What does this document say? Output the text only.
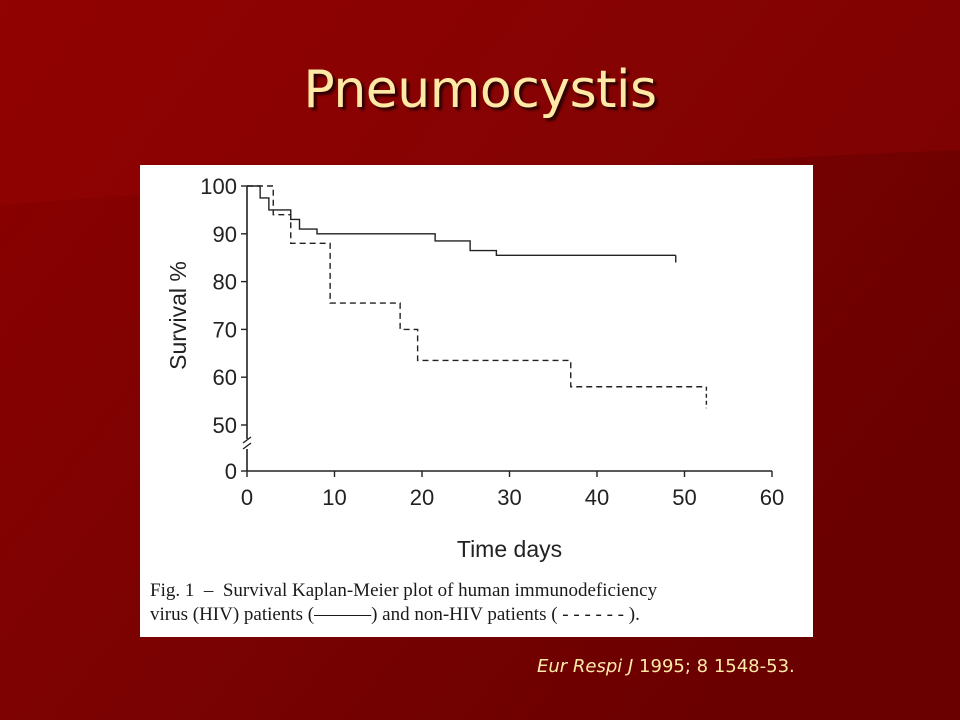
Pneumocystis
0
50
60
70
80
90
100
0	10	20	30	40	50	60
Time days
Survival %
Fig. 1  –  Survival Kaplan-Meier plot of human immunodeficiency
virus (HIV) patients (———) and non-HIV patients ( - - - - - - ).
Eur Respi J 1995; 8 1548-53.
